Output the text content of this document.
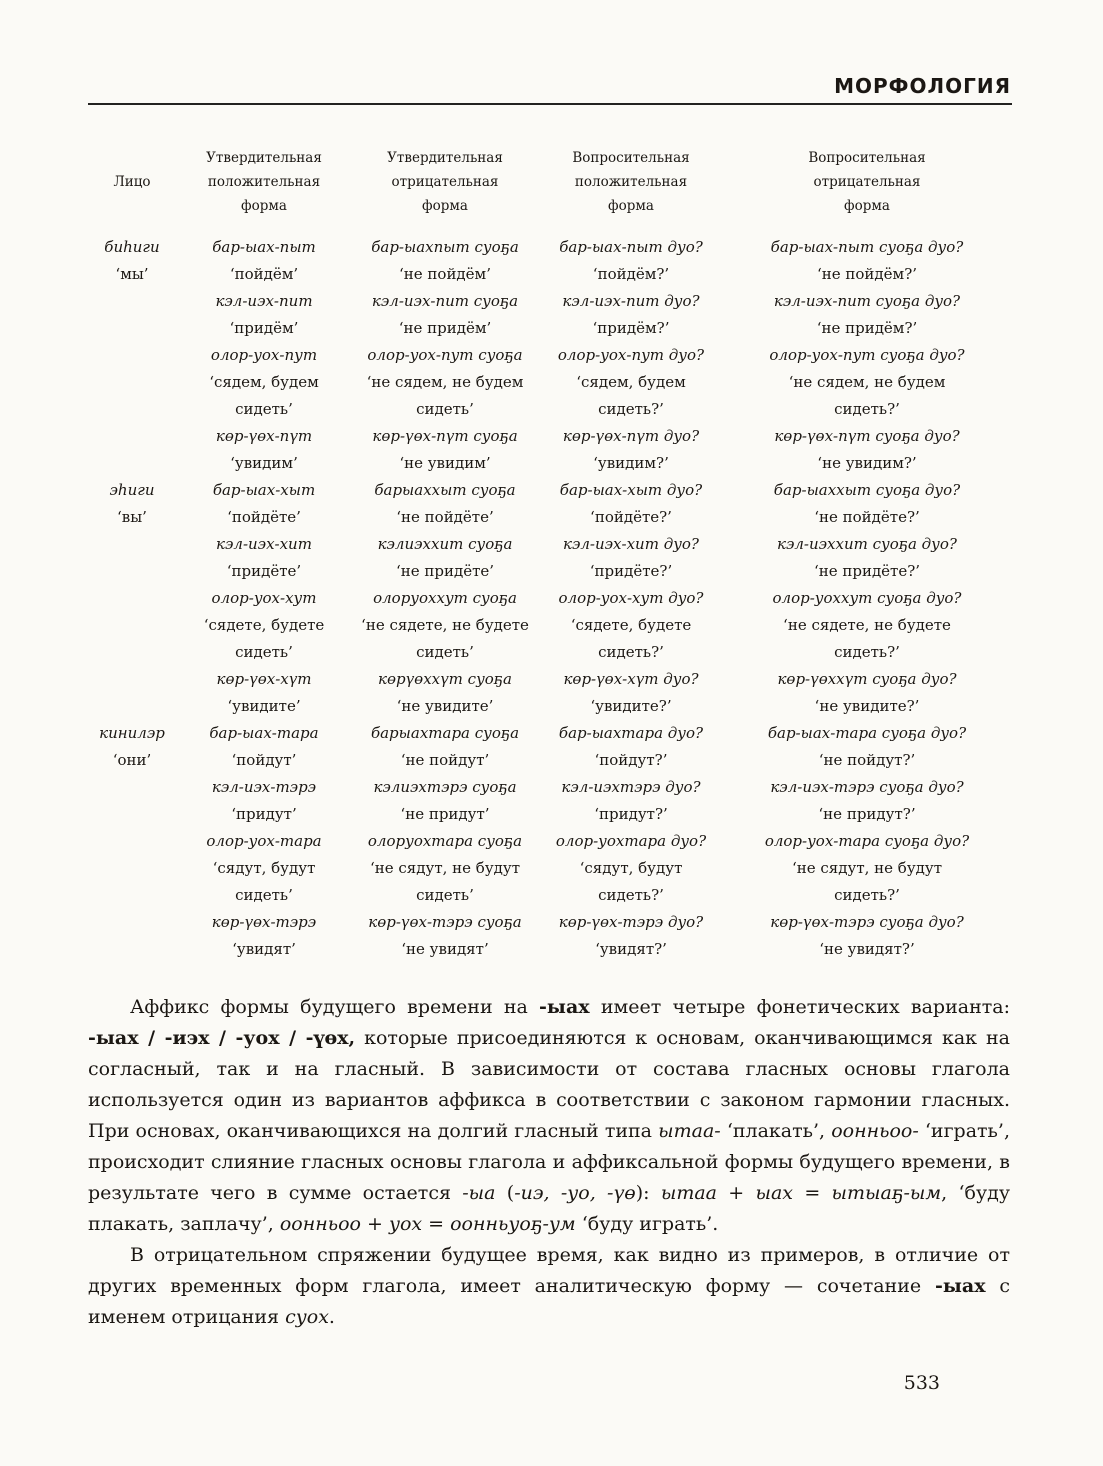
МОРФОЛОГИЯ
Лицо
Утвердительная положительная форма
Утвердительная отрицательная форма
Вопросительная положительная форма
Вопросительная отрицательная форма
биһиги
‘мы’
бар-ыах-пыт
‘пойдём’
кэл-иэх-пит
‘придём’
олор-уох-пут
‘сядем, будем сидеть’
көр-үөх-пүт
‘увидим’
бар-ыахпыт суоҕа
‘не пойдём’
кэл-иэх-пит суоҕа
‘не придём’
олор-уох-пут суоҕа
‘не сядем, не будем сидеть’
көр-үөх-пүт суоҕа
‘не увидим’
бар-ыах-пыт дуо?
‘пойдём?’
кэл-иэх-пит дуо?
‘придём?’
олор-уох-пут дуо?
‘сядем, будем сидеть?’
көр-үөх-пүт дуо?
‘увидим?’
бар-ыах-пыт суоҕа дуо?
‘не пойдём?’
кэл-иэх-пит суоҕа дуо?
‘не придём?’
олор-уох-пут суоҕа дуо?
‘не сядем, не будем сидеть?’
көр-үөх-пүт суоҕа дуо?
‘не увидим?’
эһиги
‘вы’
бар-ыах-хыт
‘пойдёте’
кэл-иэх-хит
‘придёте’
олор-уох-хут
‘сядете, будете сидеть’
көр-үөх-хүт
‘увидите’
барыаххыт суоҕа
‘не пойдёте’
кэлиэххит суоҕа
‘не придёте’
олоруоххут суоҕа
‘не сядете, не будете сидеть’
көрүөххүт суоҕа
‘не увидите’
бар-ыах-хыт дуо?
‘пойдёте?’
кэл-иэх-хит дуо?
‘придёте?’
олор-уох-хут дуо?
‘сядете, будете сидеть?’
көр-үөх-хүт дуо?
‘увидите?’
бар-ыаххыт суоҕа дуо?
‘не пойдёте?’
кэл-иэххит суоҕа дуо?
‘не придёте?’
олор-уоххут суоҕа дуо?
‘не сядете, не будете сидеть?’
көр-үөххүт суоҕа дуо?
‘не увидите?’
кинилэр
‘они’
бар-ыах-тара
‘пойдут’
кэл-иэх-тэрэ
‘придут’
олор-уох-тара
‘сядут, будут сидеть’
көр-үөх-тэрэ
‘увидят’
барыахтара суоҕа
‘не пойдут’
кэлиэхтэрэ суоҕа
‘не придут’
олоруохтара суоҕа
‘не сядут, не будут сидеть’
көр-үөх-тэрэ суоҕа
‘не увидят’
бар-ыахтара дуо?
‘пойдут?’
кэл-иэхтэрэ дуо?
‘придут?’
олор-уохтара дуо?
‘сядут, будут сидеть?’
көр-үөх-тэрэ дуо?
‘увидят?’
бар-ыах-тара суоҕа дуо?
‘не пойдут?’
кэл-иэх-тэрэ суоҕа дуо?
‘не придут?’
олор-уох-тара суоҕа дуо?
‘не сядут, не будут сидеть?’
көр-үөх-тэрэ суоҕа дуо?
‘не увидят?’

Аффикс формы будущего времени на -ыах имеет четыре фонетических варианта: -ыах / -иэх / -уох / -үөх, которые присоединяются к основам, оканчивающимся как на согласный, так и на гласный. В зависимости от состава гласных основы глагола используется один из вариантов аффикса в соответствии с законом гармонии гласных. При основах, оканчивающихся на долгий гласный типа ытаа- ‘плакать’, оонньоо- ‘играть’, происходит слияние гласных основы глагола и аффиксальной формы будущего времени, в результате чего в сумме остается -ыа (-иэ, -уо, -үө): ытаа + ыах = ытыаҕ-ым, ‘буду плакать, заплачу’, оонньоо + уох = оонньуоҕ-ум ‘буду играть’.

В отрицательном спряжении будущее время, как видно из примеров, в отличие от других временных форм глагола, имеет аналитическую форму — сочетание -ыах с именем отрицания суох.

533
